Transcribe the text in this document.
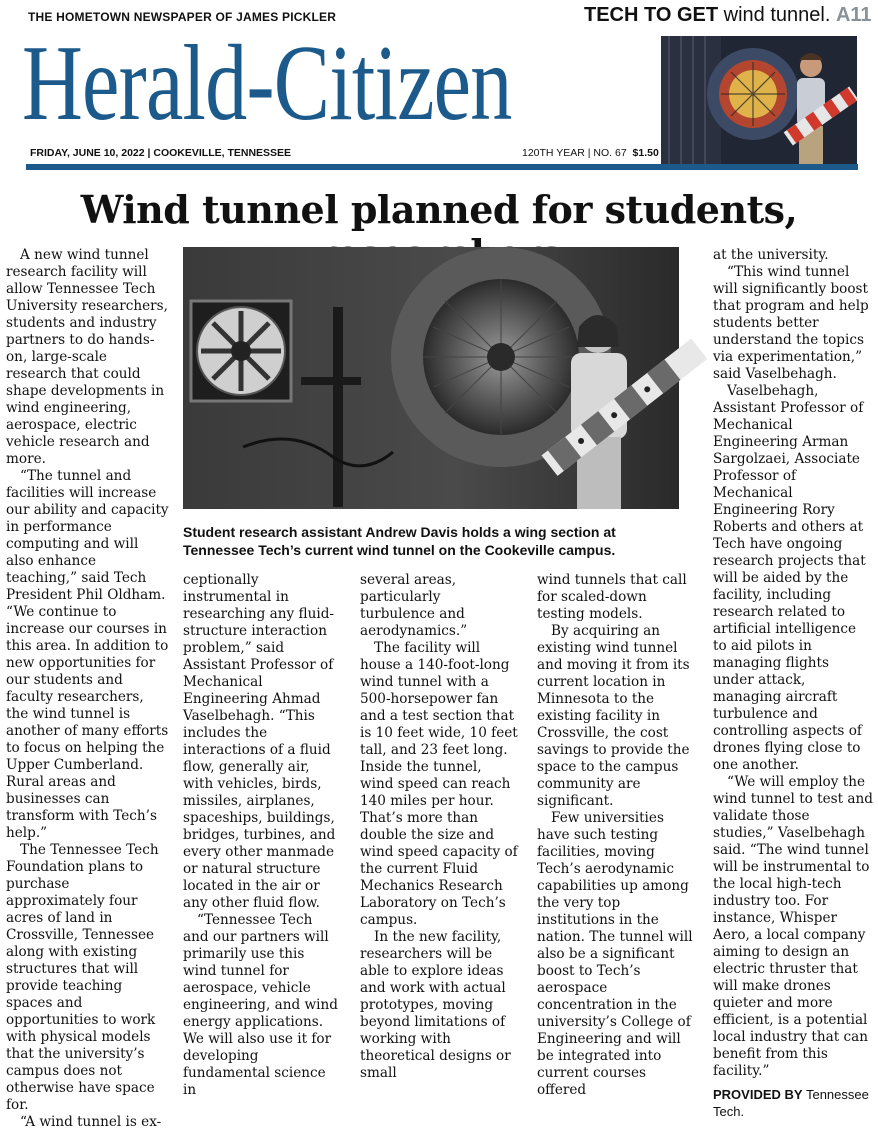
THE HOMETOWN NEWSPAPER OF JAMES PICKLER	TECH TO GET wind tunnel. A11
Herald-Citizen
FRIDAY, JUNE 10, 2022 | COOKEVILLE, TENNESSEE	120TH YEAR | NO. 67 $1.50
Wind tunnel planned for students,

A new wind tunnel research facility will allow Tennessee Tech University researchers, students and industry partners to do hands-on, large-scale research that could shape developments in wind engineering, aerospace, electric vehicle research and more.

“The tunnel and facilities will increase our ability and capacity in performance computing and will also enhance teaching,” said Tech President Phil Oldham. “We continue to increase our courses in this area. In addition to new opportunities for our students and faculty researchers, the wind tunnel is another of many efforts to focus on helping the Upper Cumberland. Rural areas and businesses can transform with Tech’s help.”

The Tennessee Tech Foundation plans to purchase approximately four acres of land in Crossville, Tennessee along with existing structures that will provide teaching spaces and opportunities to work with physical models that the university’s campus does not otherwise have space for.

“A wind tunnel is ex-

Student research assistant Andrew Davis holds a wing section at Tennessee Tech’s current wind tunnel on the Cookeville campus.

ceptionally instrumental in researching any fluid-structure interaction problem,” said Assistant Professor of Mechanical Engineering Ahmad Vaselbehagh. “This includes the interactions of a fluid flow, generally air, with vehicles, birds, missiles, airplanes, spaceships, buildings, bridges, turbines, and every other manmade or natural structure located in the air or any other fluid flow.

“Tennessee Tech and our partners will primarily use this wind tunnel for aerospace, vehicle engineering, and wind energy applications. We will also use it for developing fundamental science in

several areas, particularly turbulence and aerodynamics.”

The facility will house a 140-foot-long wind tunnel with a 500-horsepower fan and a test section that is 10 feet wide, 10 feet tall, and 23 feet long. Inside the tunnel, wind speed can reach 140 miles per hour. That’s more than double the size and wind speed capacity of the current Fluid Mechanics Research Laboratory on Tech’s campus.

In the new facility, researchers will be able to explore ideas and work with actual prototypes, moving beyond limitations of working with theoretical designs or small

wind tunnels that call for scaled-down testing models.

By acquiring an existing wind tunnel and moving it from its current location in Minnesota to the existing facility in Crossville, the cost savings to provide the space to the campus community are significant.

Few universities have such testing facilities, moving Tech’s aerodynamic capabilities up among the very top institutions in the nation. The tunnel will also be a significant boost to Tech’s aerospace concentration in the university’s College of Engineering and will be integrated into current courses offered

at the university.

“This wind tunnel will significantly boost that program and help students better understand the topics via experimentation,” said Vaselbehagh.

Vaselbehagh, Assistant Professor of Mechanical Engineering Arman Sargolzaei, Associate Professor of Mechanical Engineering Rory Roberts and others at Tech have ongoing research projects that will be aided by the facility, including research related to artificial intelligence to aid pilots in managing flights under attack, managing aircraft turbulence and controlling aspects of drones flying close to one another.

“We will employ the wind tunnel to test and validate those studies,” Vaselbehagh said. “The wind tunnel will be instrumental to the local high-tech industry too. For instance, Whisper Aero, a local company aiming to design an electric thruster that will make drones quieter and more efficient, is a potential local industry that can benefit from this facility.”

PROVIDED BY Tennessee Tech.
